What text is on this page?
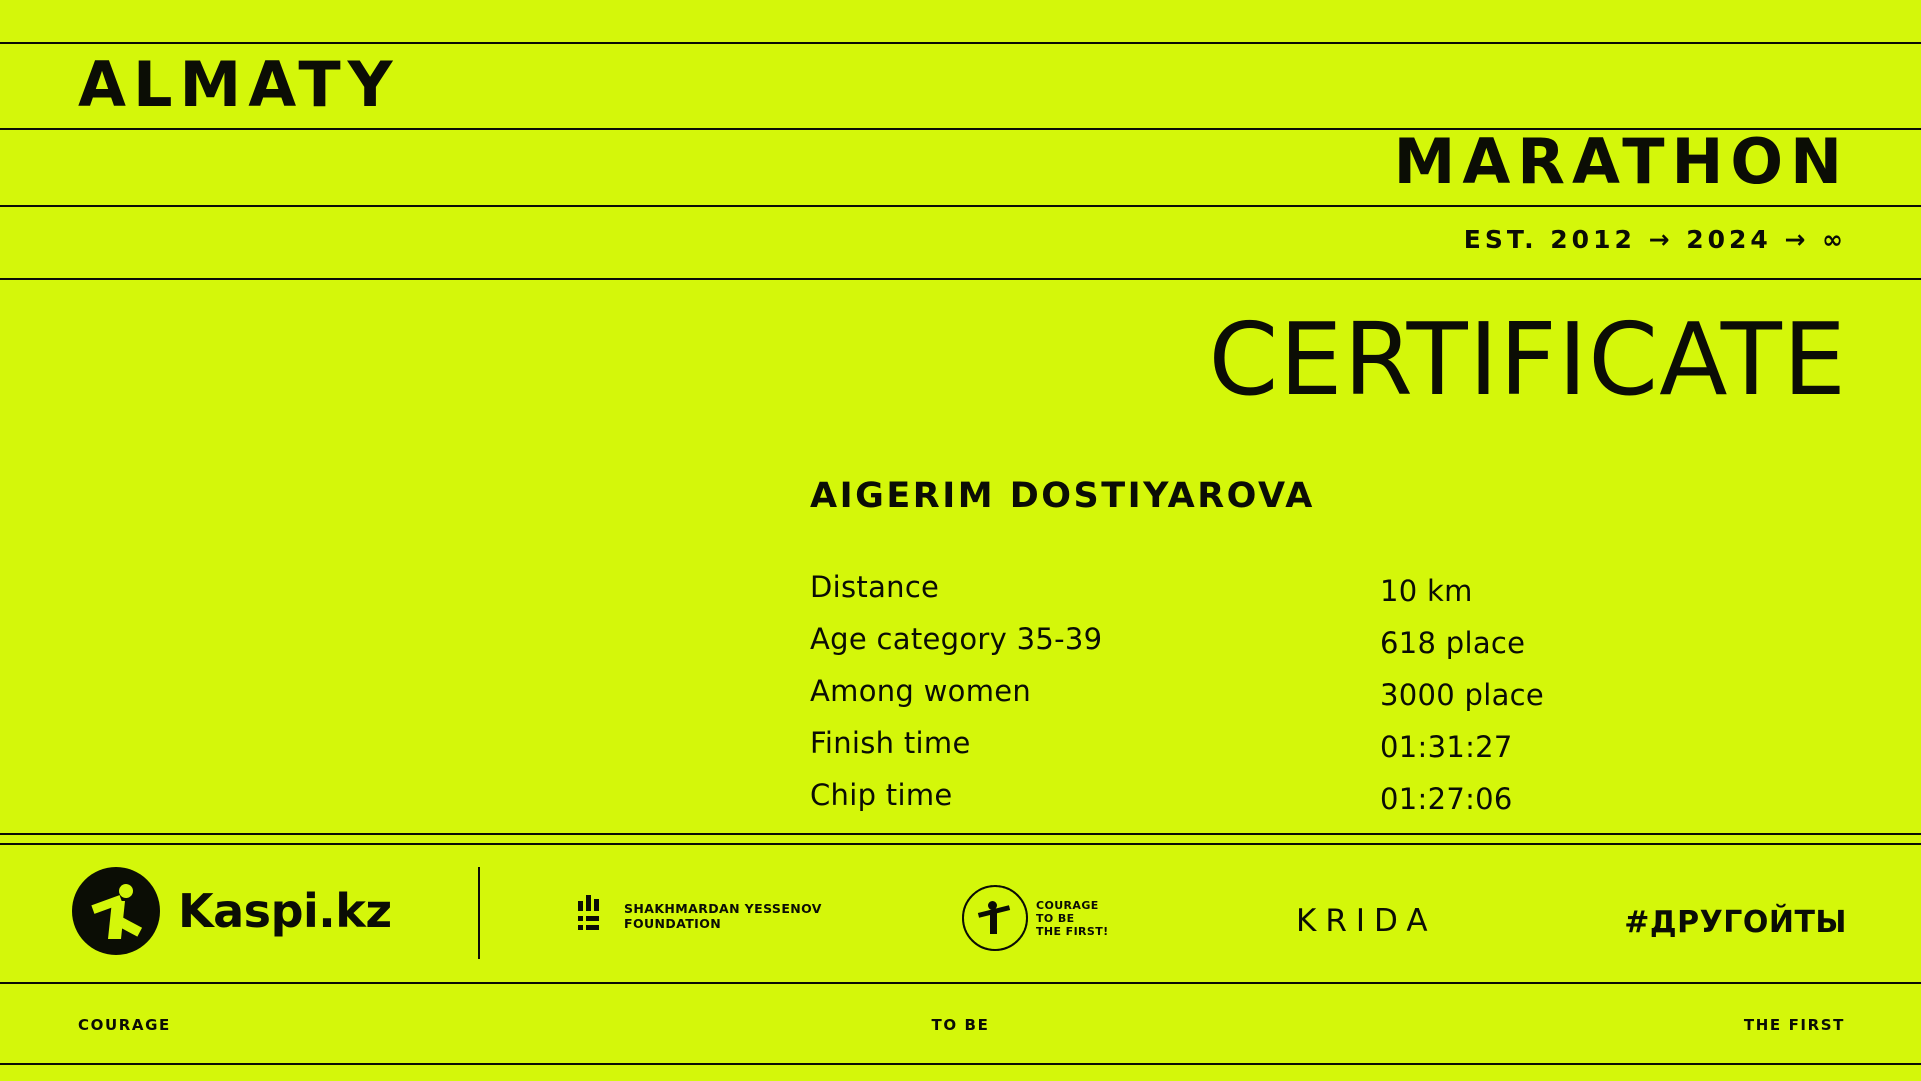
ALMATY
MARATHON
EST. 2012 → 2024 → ∞
CERTIFICATE
AIGERIM DOSTIYAROVA
Distance	10 km
Age category 35-39	618 place
Among women	3000 place
Finish time	01:31:27
Chip time	01:27:06
Kaspi.kz	SHAKHMARDAN YESSENOV
FOUNDATION
COURAGE
TO BE
THE FIRST!	KRIDA	#ДРУГОЙТЫ
COURAGE	TO BE	THE FIRST
